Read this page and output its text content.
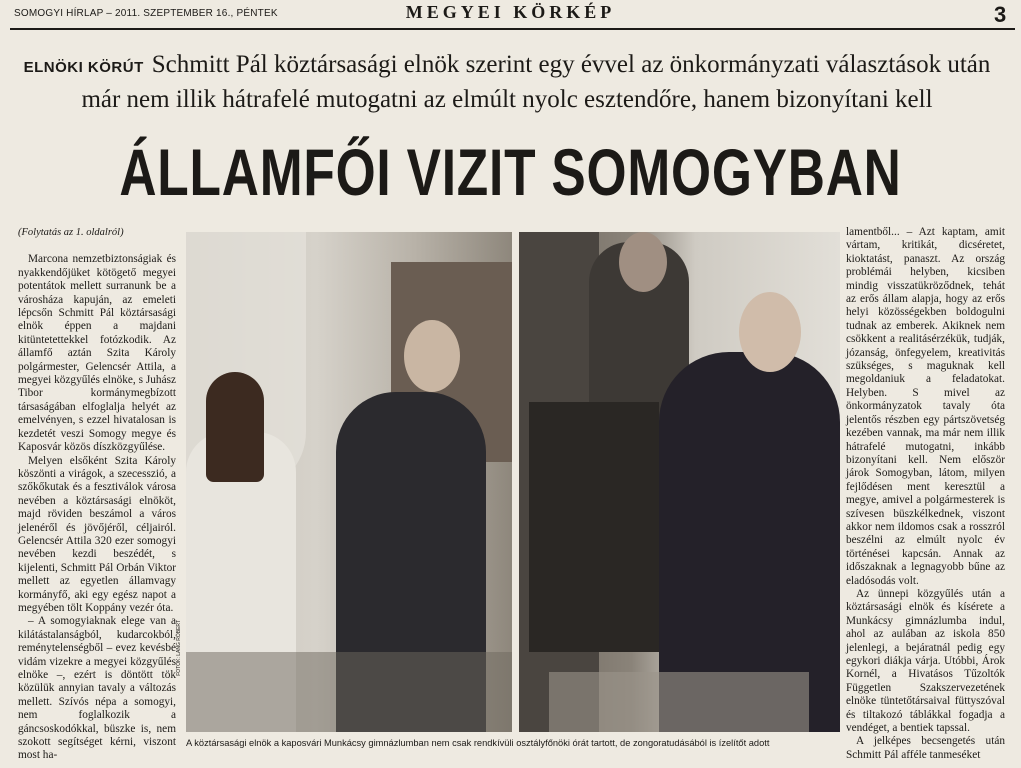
SOMOGYI HÍRLAP – 2011. SZEPTEMBER 16., PÉNTEK	MEGYEI KÖRKÉP	3
ELNÖKI KÖRÚT Schmitt Pál köztársasági elnök szerint egy évvel az önkormányzati választások után
már nem illik hátrafelé mutogatni az elmúlt nyolc esztendőre, hanem bizonyítani kell
ÁLLAMFŐI VIZIT SOMOGYBAN

(Folytatás az 1. oldalról)

Marcona nemzetbiztonságiak és nyakkendőjüket kötögető megyei potentátok mellett surranunk be a városháza kapuján, az emeleti lépcsőn Schmitt Pál köztársasági elnök éppen a majdani kitüntetettekkel fotózkodik. Az államfő aztán Szita Károly polgármester, Gelencsér Attila, a megyei közgyűlés elnöke, s Juhász Tibor kormánymegbízott társaságában elfoglalja helyét az emelvényen, s ezzel hivatalosan is kezdetét veszi Somogy megye és Kaposvár közös díszközgyűlése.

Melyen elsőként Szita Károly köszönti a virágok, a szecesszió, a szőkőkutak és a fesztiválok városa nevében a köztársasági elnököt, majd röviden beszámol a város jelenéről és jövőjéről, céljairól. Gelencsér Attila 320 ezer somogyi nevében kezdi beszédét, s kijelenti, Schmitt Pál Orbán Viktor mellett az egyetlen államvagy kormányfő, aki egy egész napot a megyében tölt Koppány vezér óta.

– A somogyiaknak elege van a kilátástalanságból, kudarcokból, reménytelenségből – evez kevésbé vidám vizekre a megyei közgyűlés elnöke –, ezért is döntött tök közülük annyian tavaly a változás mellett. Szívós népa a somogyi, nem foglalkozik a gáncsoskodókkal, büszke is, nem szokott segítséget kérni, viszont most ha-

FOTÓK: LANG RÓBERT
A köztársasági elnök a kaposvári Munkácsy gimnázlumban nem csak rendkívüli osztályfőnöki órát tartott, de zongoratudásából is ízelítőt adott

lamentből... – Azt kaptam, amit vártam, kritikát, dicséretet, kioktatást, panaszt. Az ország problémái helyben, kicsiben mindig visszatükröződnek, tehát az erős állam alapja, hogy az erős helyi közösségekben boldogulni tudnak az emberek. Akiknek nem csökkent a realitásérzékük, tudják, józanság, önfegyelem, kreativitás szükséges, s maguknak kell megoldaniuk a feladatokat. Helyben. S mivel az önkormányzatok tavaly óta jelentős részben egy pártszövetség kezében vannak, ma már nem illik hátrafelé mutogatni, inkább bizonyítani kell. Nem először járok Somogyban, látom, milyen fejlődésen ment keresztül a megye, amivel a polgármesterek is szívesen büszkélkednek, viszont akkor nem ildomos csak a rosszról beszélni az elmúlt nyolc év történései kapcsán. Annak az időszaknak a legnagyobb bűne az eladósodás volt.

Az ünnepi közgyűlés után a köztársasági elnök és kísérete a Munkácsy gimnázlumba indul, ahol az aulában az iskola 850 jelenlegi, a bejáratnál pedig egy egykori diákja várja. Utóbbi, Árok Kornél, a Hivatásos Tűzoltók Független Szakszervezetének elnöke tüntetőtársaival füttyszóval és tiltakozó táblákkal fogadja a vendéget, a bentiek tapssal.

A jelképes becsengetés után Schmitt Pál afféle tanmeséket
